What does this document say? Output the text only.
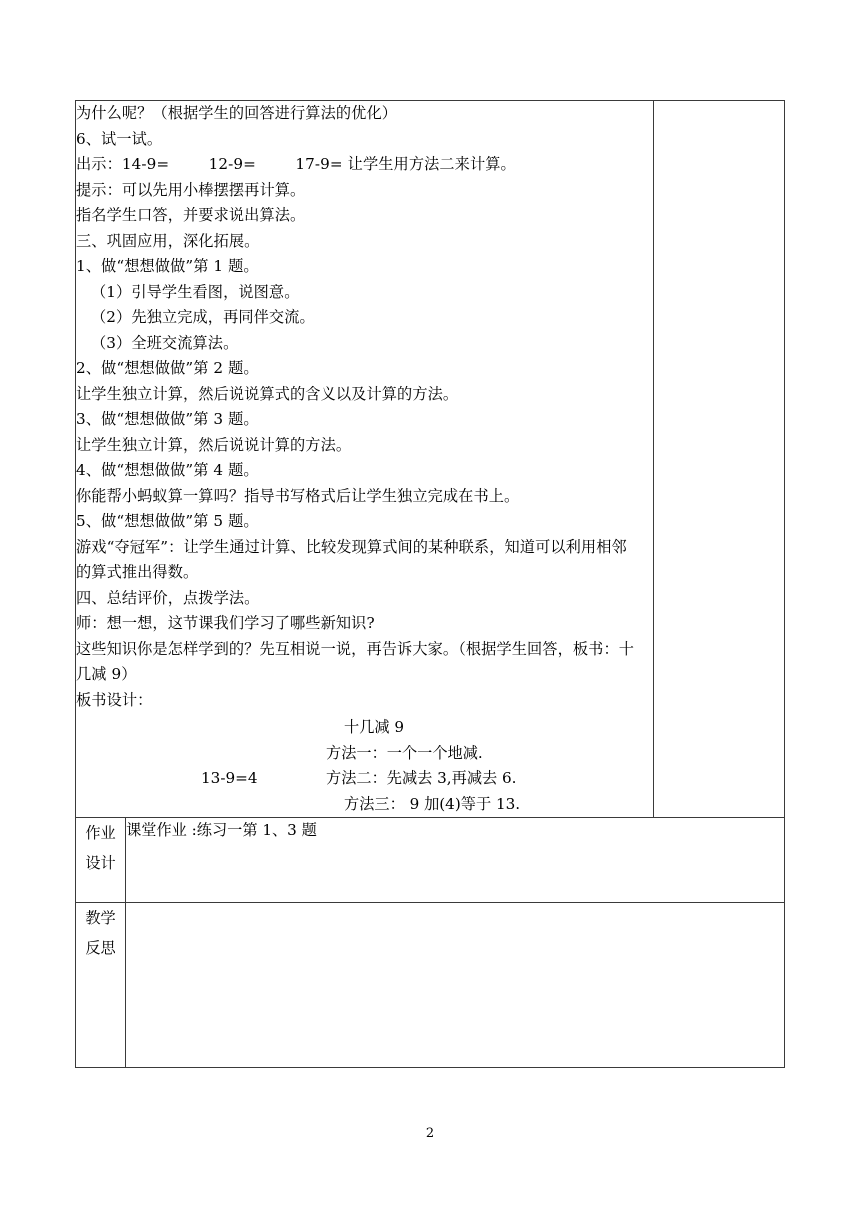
为什么呢？（根据学生的回答进行算法的优化）
6、试一试。
出示：14-9=        12-9=        17-9= 让学生用方法二来计算。
提示：可以先用小棒摆摆再计算。
指名学生口答，并要求说出算法。
三、巩固应用，深化拓展。
1、做“想想做做”第 1 题。
（1）引导学生看图，说图意。
（2）先独立完成，再同伴交流。
（3）全班交流算法。
2、做“想想做做”第 2 题。
让学生独立计算，然后说说算式的含义以及计算的方法。
3、做“想想做做”第 3 题。
让学生独立计算，然后说说计算的方法。
4、做“想想做做”第 4 题。
你能帮小蚂蚁算一算吗？指导书写格式后让学生独立完成在书上。
5、做“想想做做”第 5 题。
游戏“夺冠军”：让学生通过计算、比较发现算式间的某种联系，知道可以利用相邻
的算式推出得数。
四、总结评价，点拨学法。
师：想一想，这节课我们学习了哪些新知识?
这些知识你是怎样学到的？先互相说一说，再告诉大家。（根据学生回答，板书：十
几减 9）
板书设计：
十几减 9
方法一：一个一个地减.
方法二：先减去 3,再减去 6.
方法三： 9 加(4)等于 13.
13-9=4

作业
设计	课堂作业 :练习一第 1、3 题	

教学
反思		

2
